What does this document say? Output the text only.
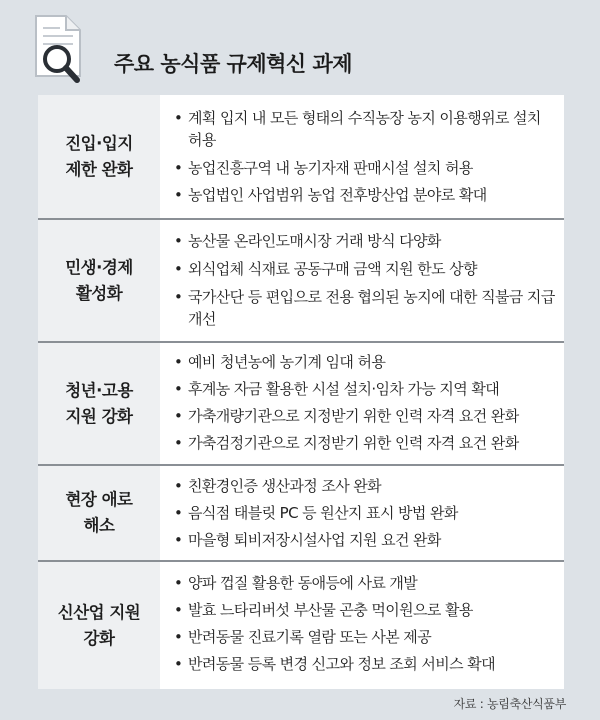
주요 농식품 규제혁신 과제
진입·입지
제한 완화
• 계획 입지 내 모든 형태의 수직농장 농지 이용행위로 설치 허용
• 농업진흥구역 내 농기자재 판매시설 설치 허용
• 농업법인 사업범위 농업 전후방산업 분야로 확대
민생·경제
활성화
• 농산물 온라인도매시장 거래 방식 다양화
• 외식업체 식재료 공동구매 금액 지원 한도 상향
• 국가산단 등 편입으로 전용 협의된 농지에 대한 직불금 지급 개선
청년·고용
지원 강화
• 예비 청년농에 농기계 임대 허용
• 후계농 자금 활용한 시설 설치·임차 가능 지역 확대
• 가축개량기관으로 지정받기 위한 인력 자격 요건 완화
• 가축검정기관으로 지정받기 위한 인력 자격 요건 완화
현장 애로
해소
• 친환경인증 생산과정 조사 완화
• 음식점 태블릿 PC 등 원산지 표시 방법 완화
• 마을형 퇴비저장시설사업 지원 요건 완화
신산업 지원
강화
• 양파 껍질 활용한 동애등에 사료 개발
• 발효 느타리버섯 부산물 곤충 먹이원으로 활용
• 반려동물 진료기록 열람 또는 사본 제공
• 반려동물 등록 변경 신고와 정보 조회 서비스 확대
자료 : 농림축산식품부
